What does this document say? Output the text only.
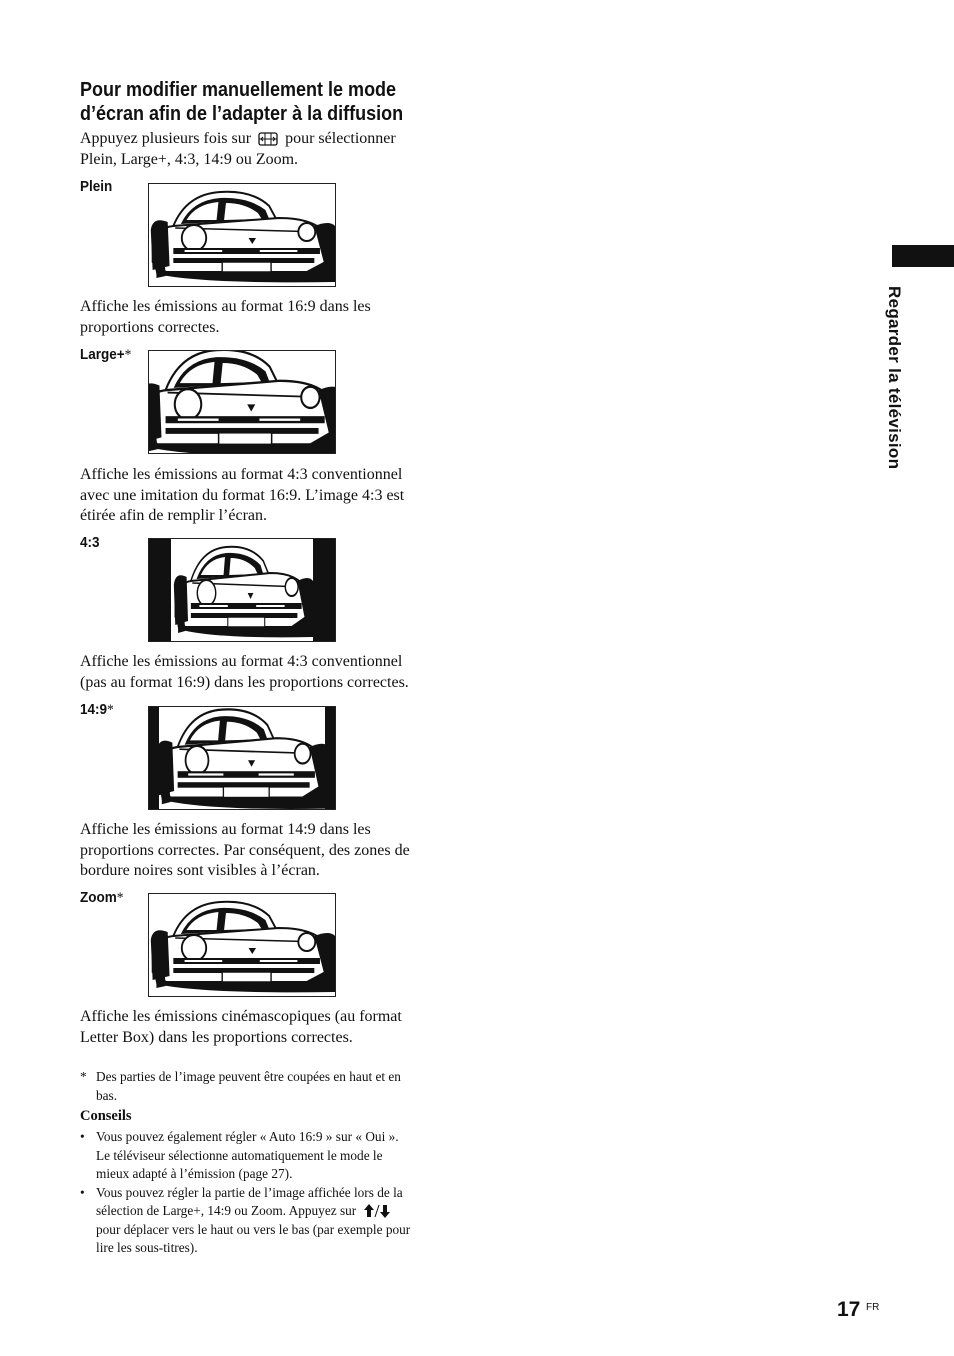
Pour modifier manuellement le mode
d’écran afin de l’adapter à la diffusion
Appuyez plusieurs fois sur pour sélectionner
Plein, Large+, 4:3, 14:9 ou Zoom.
Plein
Affiche les émissions au format 16:9 dans les
proportions correctes.
Large+*
Affiche les émissions au format 4:3 conventionnel
avec une imitation du format 16:9. L’image 4:3 est
étirée afin de remplir l’écran.
4:3
Affiche les émissions au format 4:3 conventionnel
(pas au format 16:9) dans les proportions correctes.
14:9*
Affiche les émissions au format 14:9 dans les
proportions correctes. Par conséquent, des zones de
bordure noires sont visibles à l’écran.
Zoom*
Affiche les émissions cinémascopiques (au format
Letter Box) dans les proportions correctes.
* Des parties de l’image peuvent être coupées en haut et en
bas.
Conseils
• Vous pouvez également régler « Auto 16:9 » sur « Oui ».
Le téléviseur sélectionne automatiquement le mode le
mieux adapté à l’émission (page 27).
• Vous pouvez régler la partie de l’image affichée lors de la
sélection de Large+, 14:9 ou Zoom. Appuyez sur
pour déplacer vers le haut ou vers le bas (par exemple pour
lire les sous-titres).
Regarder la télévision
17 FR
